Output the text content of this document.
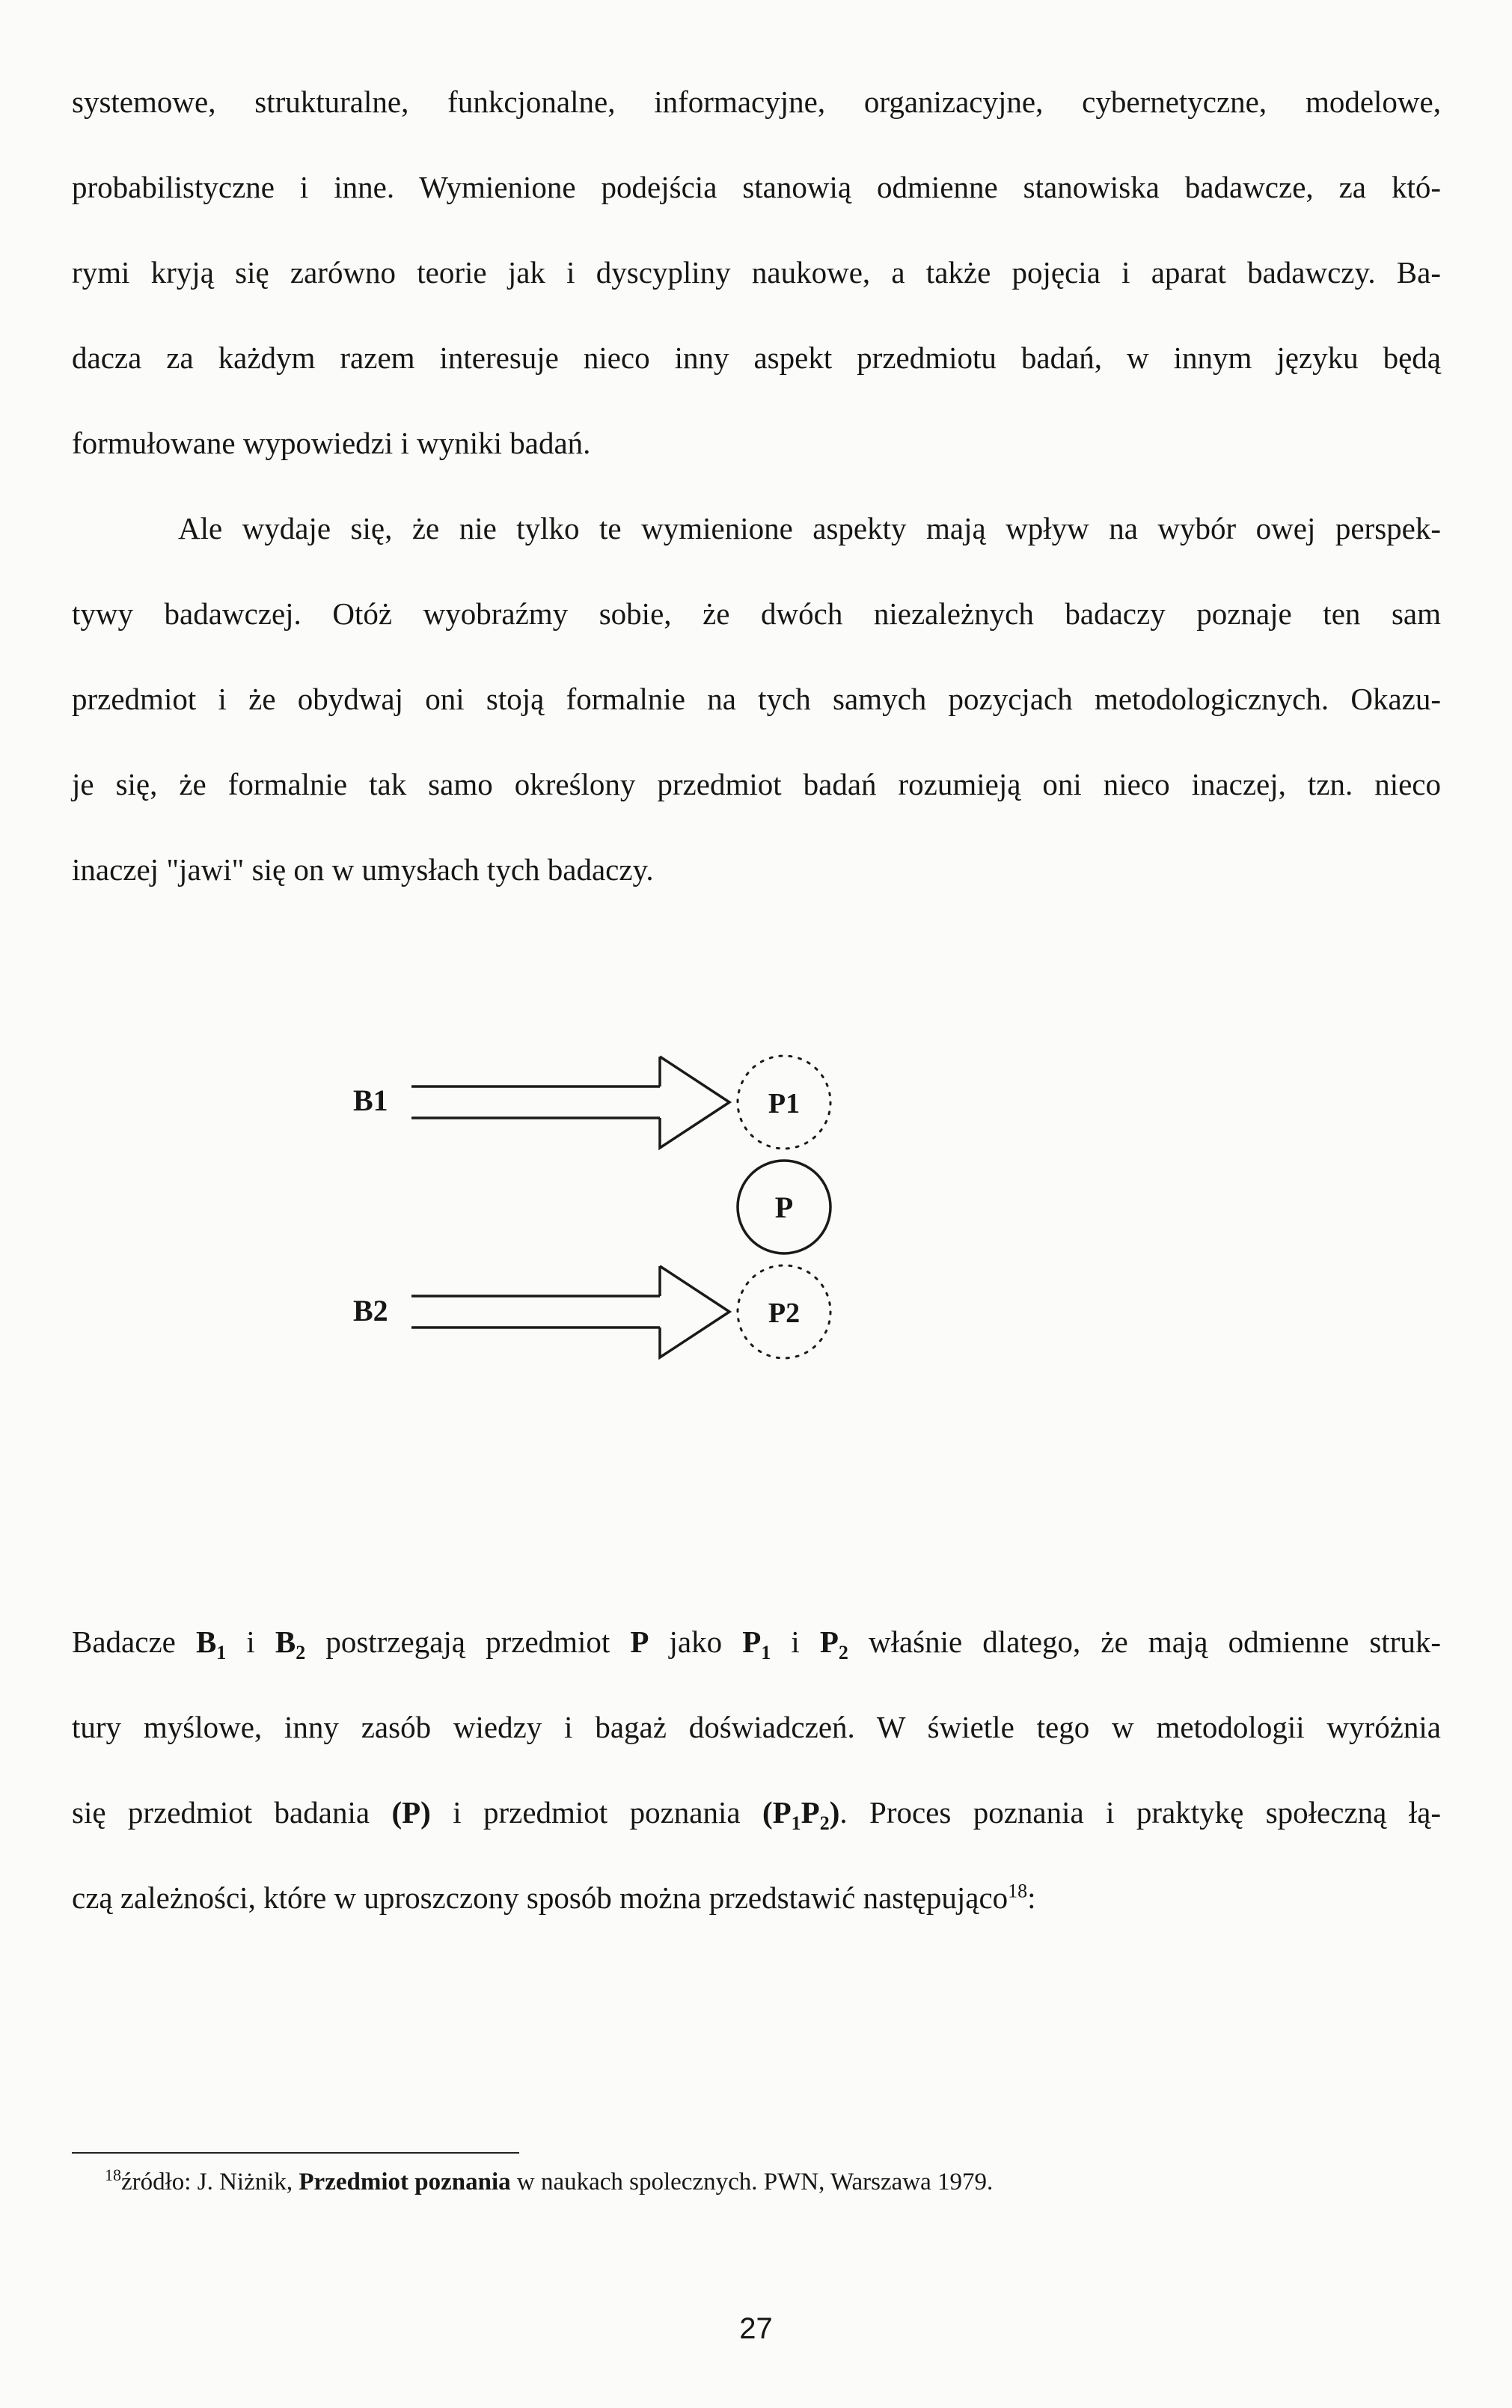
systemowe, strukturalne, funkcjonalne, informacyjne, organizacyjne, cybernetyczne, modelowe,
probabilistyczne i inne. Wymienione podejścia stanowią odmienne stanowiska badawcze, za któ-
rymi kryją się zarówno teorie jak i dyscypliny naukowe, a także pojęcia i aparat badawczy. Ba-
dacza za każdym razem interesuje nieco inny aspekt przedmiotu badań, w innym języku będą
formułowane wypowiedzi i wyniki badań.
Ale wydaje się, że nie tylko te wymienione aspekty mają wpływ na wybór owej perspek-
tywy badawczej. Otóż wyobraźmy sobie, że dwóch niezależnych badaczy poznaje ten sam
przedmiot i że obydwaj oni stoją formalnie na tych samych pozycjach metodologicznych. Okazu-
je się, że formalnie tak samo określony przedmiot badań rozumieją oni nieco inaczej, tzn. nieco
inaczej "jawi" się on w umysłach tych badaczy.
B1
B2
P1
P
P2
Badacze $B_1$ i $B_2$ postrzegają przedmiot P jako $P_1$ i $P_2$ właśnie dlatego, że mają odmienne struk-
tury myślowe, inny zasób wiedzy i bagaż doświadczeń. W świetle tego w metodologii wyróżnia
się przedmiot badania (P) i przedmiot poznania $(P_1P_2)$. Proces poznania i praktykę społeczną łą-
czą zależności, które w uproszczony sposób można przedstawić następująco$^{18}$:
$^{18}$źródło: J. Niżnik, Przedmiot poznania w naukach spolecznych. PWN, Warszawa 1979.
27
